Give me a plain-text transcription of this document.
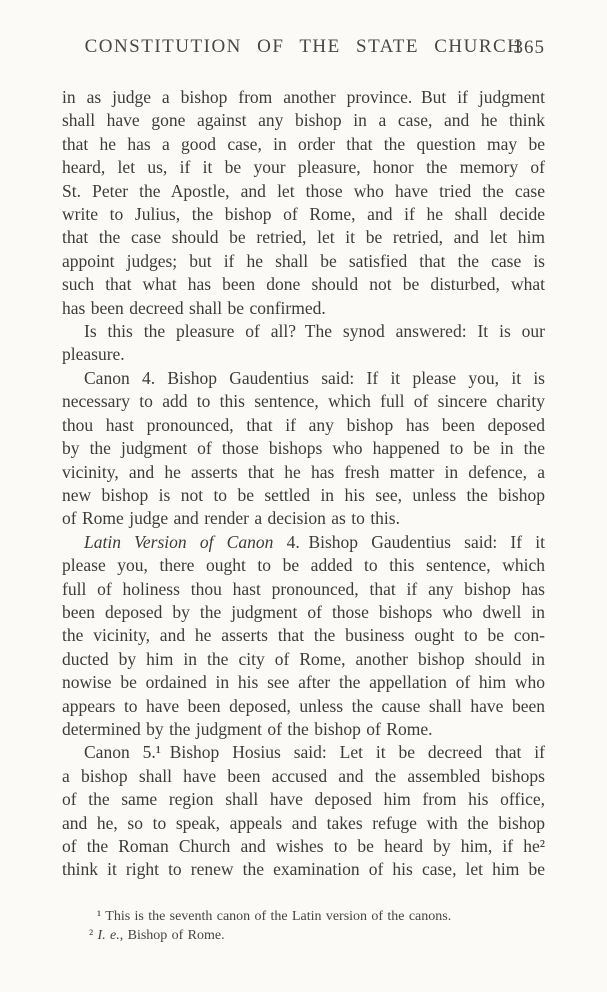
CONSTITUTION OF THE STATE CHURCH
365
in as judge a bishop from another province. But if judgment
shall have gone against any bishop in a case, and he think
that he has a good case, in order that the question may be
heard, let us, if it be your pleasure, honor the memory of
St. Peter the Apostle, and let those who have tried the case
write to Julius, the bishop of Rome, and if he shall decide
that the case should be retried, let it be retried, and let him
appoint judges; but if he shall be satisfied that the case is
such that what has been done should not be disturbed, what
has been decreed shall be confirmed.
Is this the pleasure of all? The synod answered: It is our
pleasure.
Canon 4. Bishop Gaudentius said: If it please you, it is
necessary to add to this sentence, which full of sincere charity
thou hast pronounced, that if any bishop has been deposed
by the judgment of those bishops who happened to be in the
vicinity, and he asserts that he has fresh matter in defence, a
new bishop is not to be settled in his see, unless the bishop
of Rome judge and render a decision as to this.
Latin Version of Canon 4. Bishop Gaudentius said: If it
please you, there ought to be added to this sentence, which
full of holiness thou hast pronounced, that if any bishop has
been deposed by the judgment of those bishops who dwell in
the vicinity, and he asserts that the business ought to be con-
ducted by him in the city of Rome, another bishop should in
nowise be ordained in his see after the appellation of him who
appears to have been deposed, unless the cause shall have been
determined by the judgment of the bishop of Rome.
Canon 5.¹ Bishop Hosius said: Let it be decreed that if
a bishop shall have been accused and the assembled bishops
of the same region shall have deposed him from his office,
and he, so to speak, appeals and takes refuge with the bishop
of the Roman Church and wishes to be heard by him, if he²
think it right to renew the examination of his case, let him be
¹ This is the seventh canon of the Latin version of the canons.
² I. e., Bishop of Rome.
